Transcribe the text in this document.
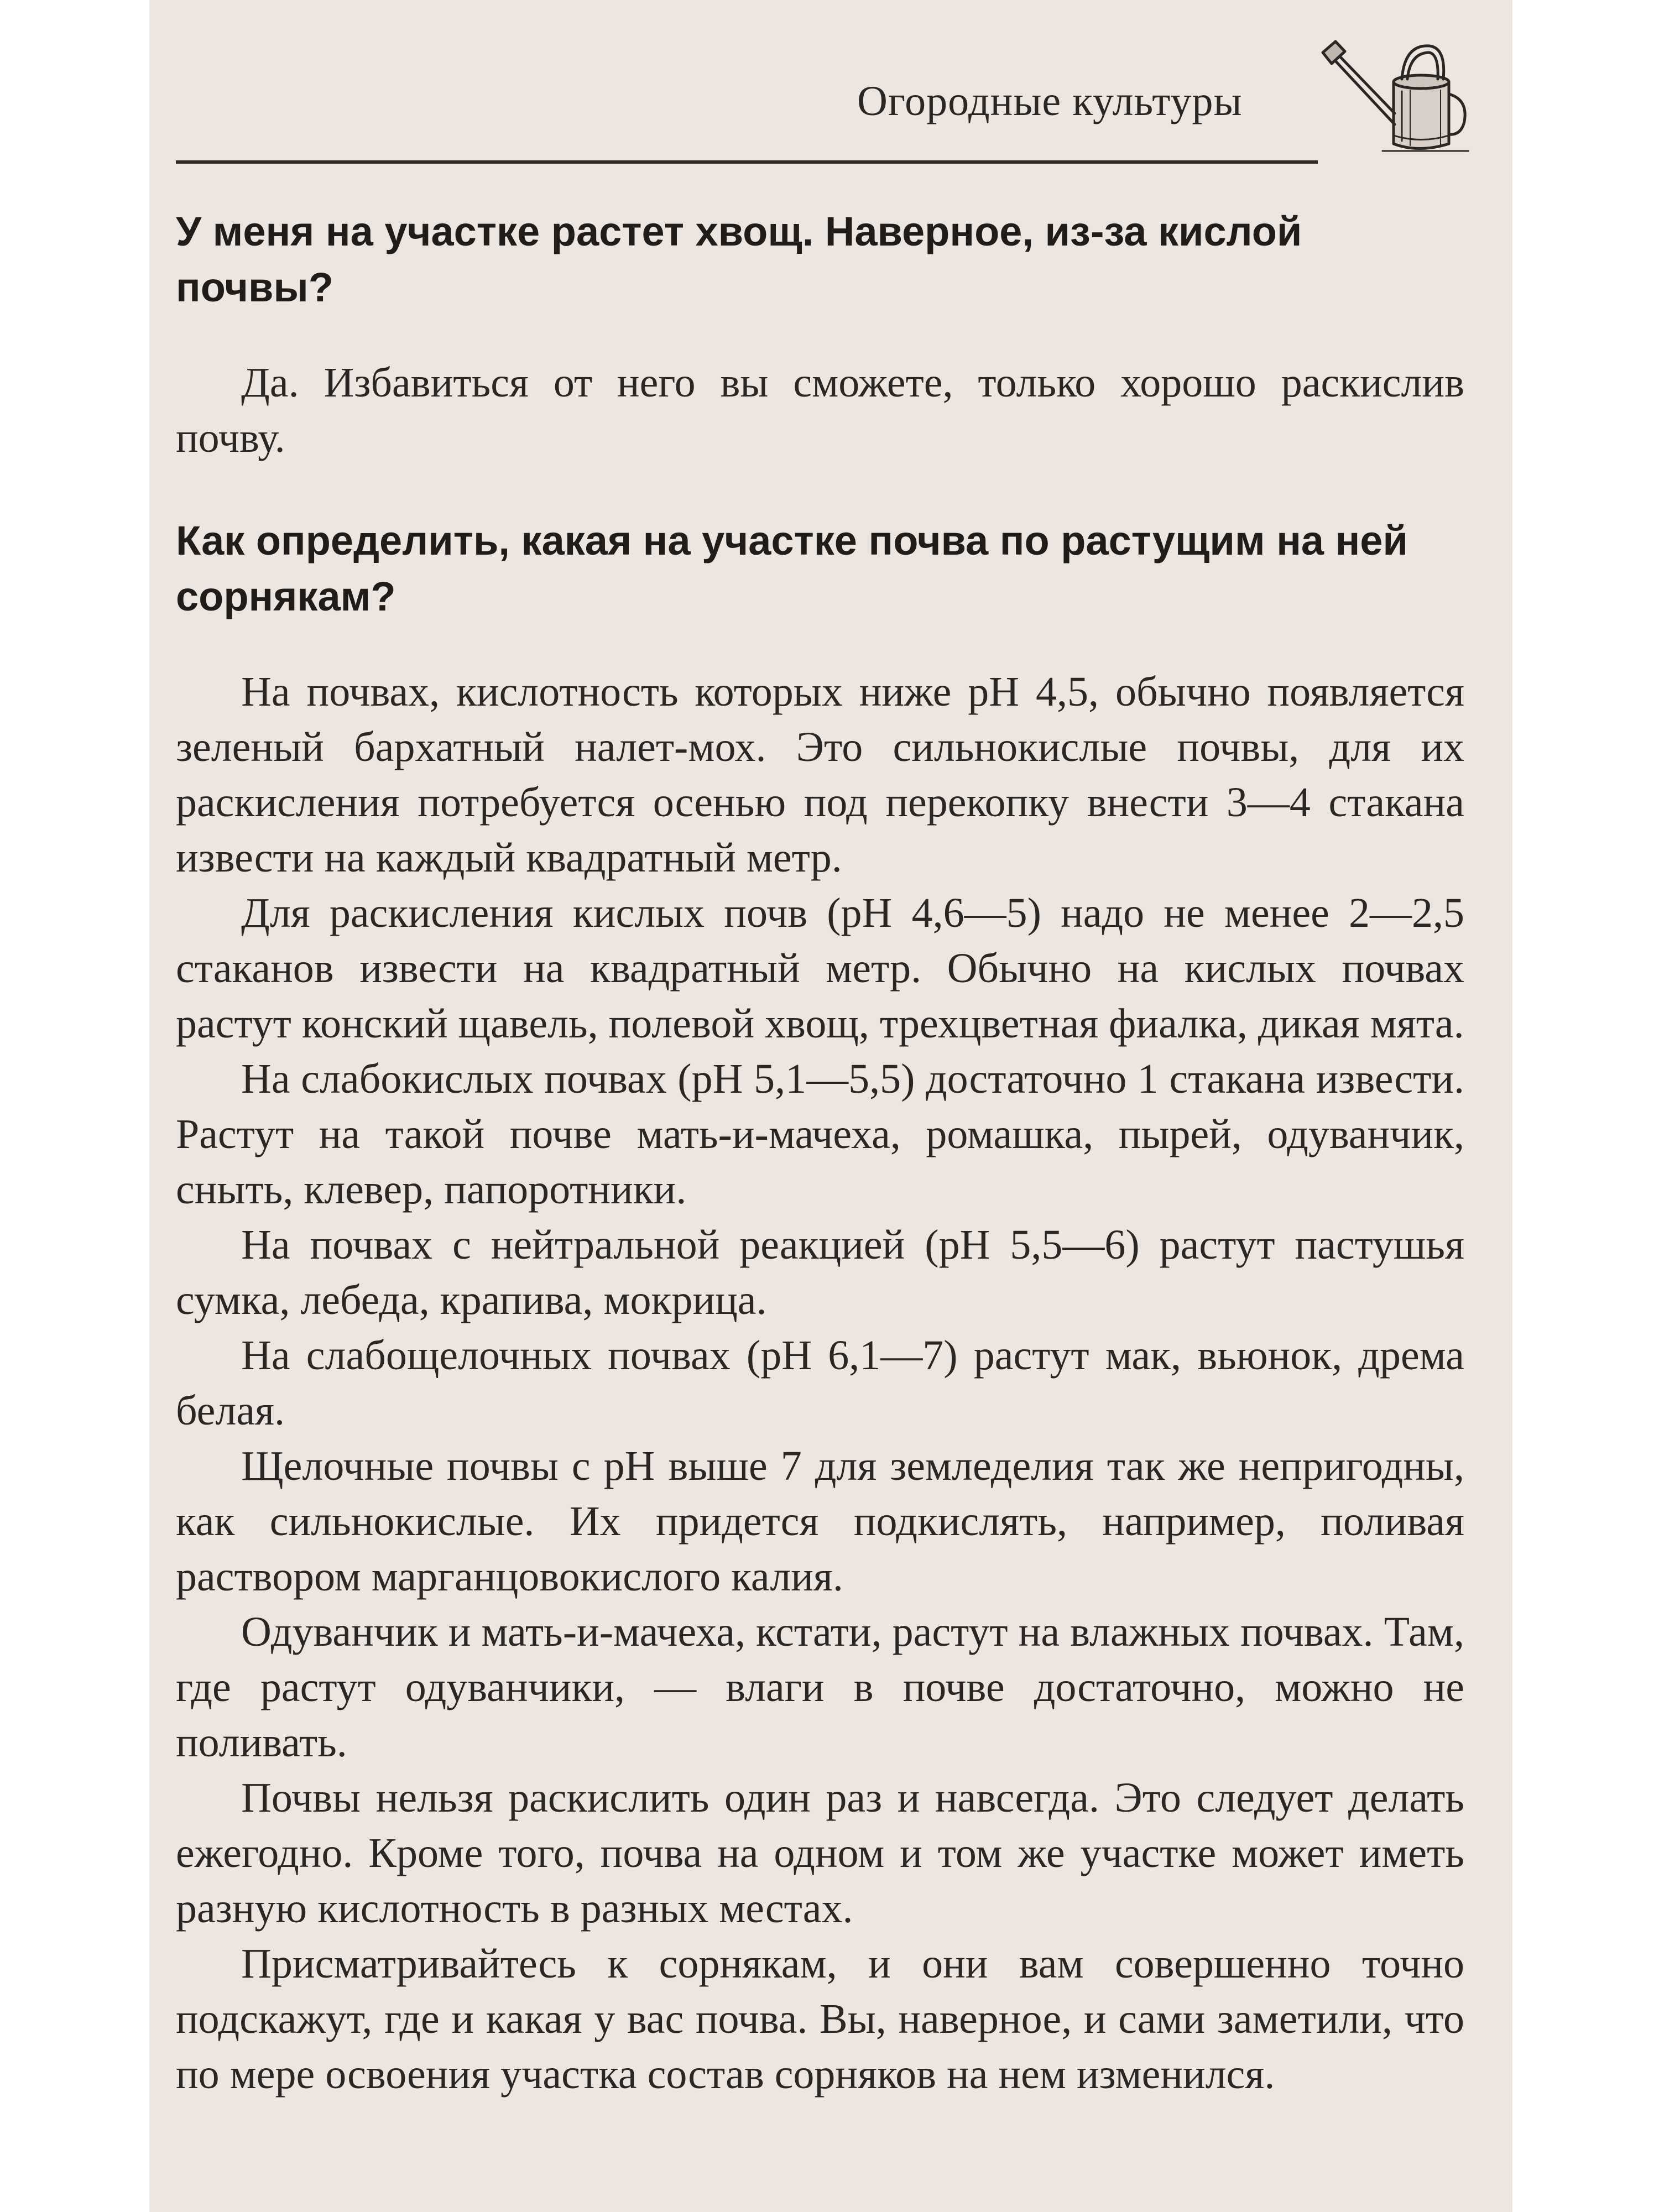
Огородные культуры
У меня на участке растет хвощ. Наверное, из-за кислой почвы?

Да. Избавиться от него вы сможете, только хорошо раскислив почву.

Как определить, какая на участке почва по растущим на ней сорнякам?

На почвах, кислотность которых ниже рН 4,5, обычно появляется зеленый бархатный налет-мох. Это сильнокислые почвы, для их раскисления потребуется осенью под перекопку внести 3—4 стакана извести на каждый квадратный метр.

Для раскисления кислых почв (рН 4,6—5) надо не менее 2—2,5 стаканов извести на квадратный метр. Обычно на кислых почвах растут конский щавель, полевой хвощ, трехцветная фиалка, дикая мята.

На слабокислых почвах (рН 5,1—5,5) достаточно 1 стакана извести. Растут на такой почве мать-и-мачеха, ромашка, пырей, одуванчик, сныть, клевер, папоротники.

На почвах с нейтральной реакцией (рН 5,5—6) растут пастушья сумка, лебеда, крапива, мокрица.

На слабощелочных почвах (рН 6,1—7) растут мак, вьюнок, дрема белая.

Щелочные почвы с рН выше 7 для земледелия так же непригодны, как сильнокислые. Их придется подкислять, например, поливая раствором марганцовокислого калия.

Одуванчик и мать-и-мачеха, кстати, растут на влажных почвах. Там, где растут одуванчики, — влаги в почве достаточно, можно не поливать.

Почвы нельзя раскислить один раз и навсегда. Это следует делать ежегодно. Кроме того, почва на одном и том же участке может иметь разную кислотность в разных местах.

Присматривайтесь к сорнякам, и они вам совершенно точно подскажут, где и какая у вас почва. Вы, наверное, и сами заметили, что по мере освоения участка состав сорняков на нем изменился.
